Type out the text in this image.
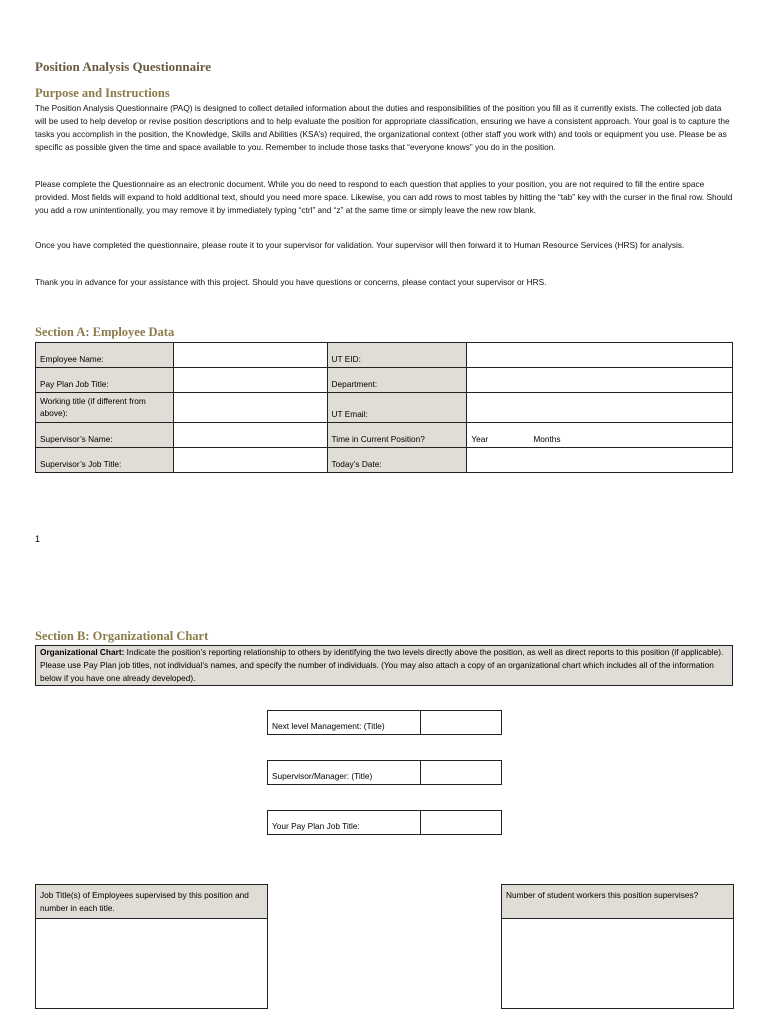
Position Analysis Questionnaire
Purpose and Instructions
The Position Analysis Questionnaire (PAQ) is designed to collect detailed information about the duties and responsibilities of the position you fill as it currently exists. The collected job data will be used to help develop or revise position descriptions and to help evaluate the position for appropriate classification, ensuring we have a consistent approach. Your goal is to capture the tasks you accomplish in the position, the Knowledge, Skills and Abilities (KSA’s) required, the organizational context (other staff you work with) and tools or equipment you use. Please be as specific as possible given the time and space available to you. Remember to include those tasks that “everyone knows” you do in the position.
Please complete the Questionnaire as an electronic document. While you do need to respond to each question that applies to your position, you are not required to fill the entire space provided. Most fields will expand to hold additional text, should you need more space. Likewise, you can add rows to most tables by hitting the “tab” key with the curser in the final row. Should you add a row unintentionally, you may remove it by immediately typing “ctrl” and “z” at the same time or simply leave the new row blank.
Once you have completed the questionnaire, please route it to your supervisor for validation. Your supervisor will then forward it to Human Resource Services (HRS) for analysis.
Thank you in advance for your assistance with this project. Should you have questions or concerns, please contact your supervisor or HRS.
Section A: Employee Data
Employee Name:		UT EID:	
Pay Plan Job Title:		Department:	
Working title (if different from above):		UT Email:	
Supervisor’s Name:		Time in Current Position?	Year Months
Supervisor’s Job Title:		Today’s Date:	
1
Section B: Organizational Chart
Organizational Chart: Indicate the position’s reporting relationship to others by identifying the two levels directly above the position, as well as direct reports to this position (if applicable). Please use Pay Plan job titles, not individual’s names, and specify the number of individuals. (You may also attach a copy of an organizational chart which includes all of the information below if you have one already developed).
Next level Management: (Title)
Supervisor/Manager: (Title)
Your Pay Plan Job Title:
Job Title(s) of Employees supervised by this position and number in each title.
Number of student workers this position supervises?
